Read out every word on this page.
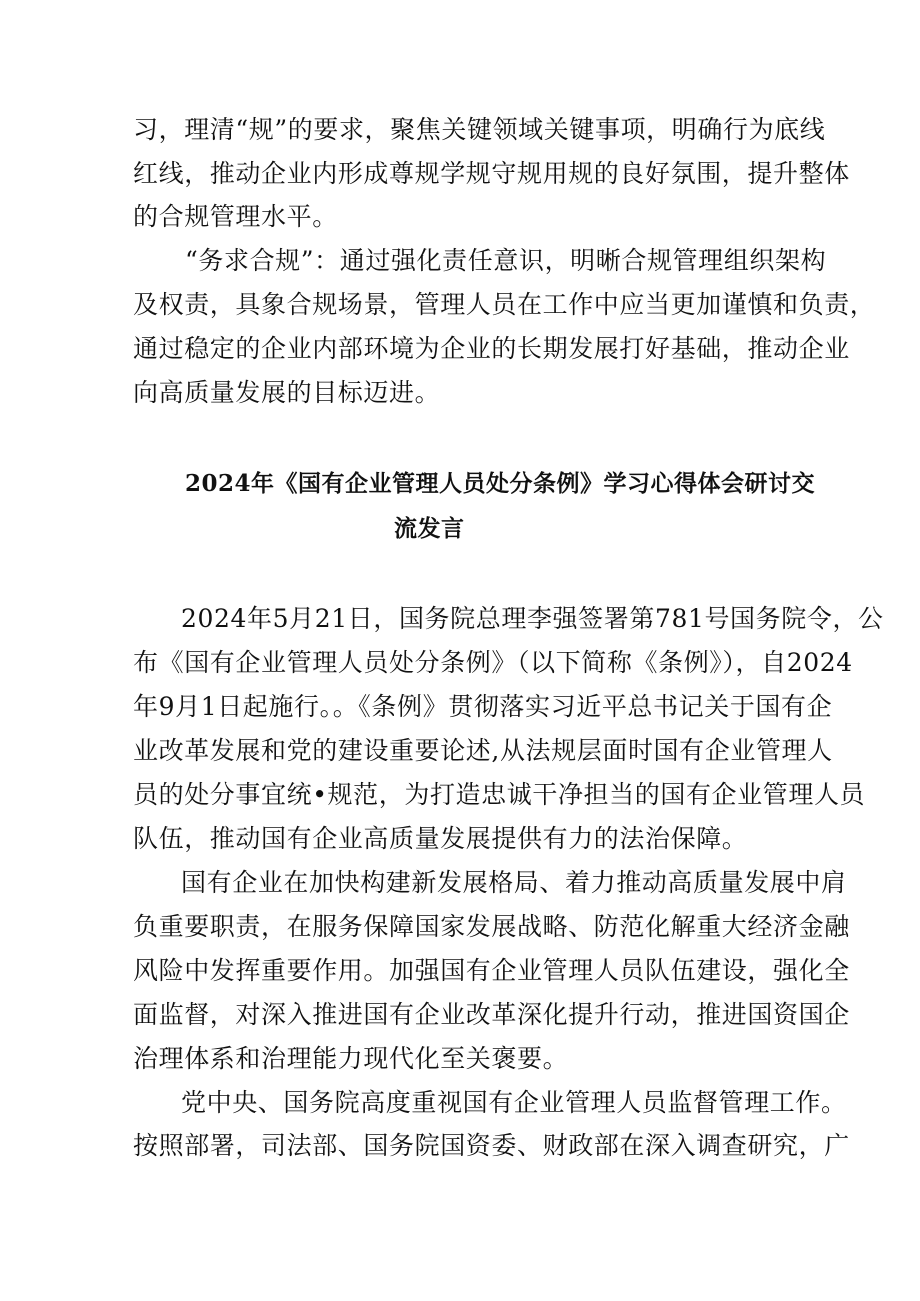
习，理清“规”的要求，聚焦关键领域关键事项，明确行为底线
红线，推动企业内形成尊规学规守规用规的良好氛围，提升整体
的合规管理水平。
“务求合规”：通过强化责任意识，明晰合规管理组织架构
及权责，具象合规场景，管理人员在工作中应当更加谨慎和负责，
通过稳定的企业内部环境为企业的长期发展打好基础，推动企业
向高质量发展的目标迈进。
2024年《国有企业管理人员处分条例》学习心得体会研讨交
流发言
2024年5月21日，国务院总理李强签署第781号国务院令，公
布《国有企业管理人员处分条例》（以下简称《条例》），自2024
年9月1日起施行。。《条例》贯彻落实习近平总书记关于国有企
业改革发展和党的建设重要论述,从法规层面时国有企业管理人
员的处分事宜统•规范，为打造忠诚干净担当的国有企业管理人员
队伍，推动国有企业高质量发展提供有力的法治保障。
国有企业在加快构建新发展格局、着力推动高质量发展中肩
负重要职责，在服务保障国家发展战略、防范化解重大经济金融
风险中发挥重要作用。加强国有企业管理人员队伍建设，强化全
面监督，对深入推进国有企业改革深化提升行动，推进国资国企
治理体系和治理能力现代化至关褒要。
党中央、国务院高度重视国有企业管理人员监督管理工作。
按照部署，司法部、国务院国资委、财政部在深入调查研究，广
